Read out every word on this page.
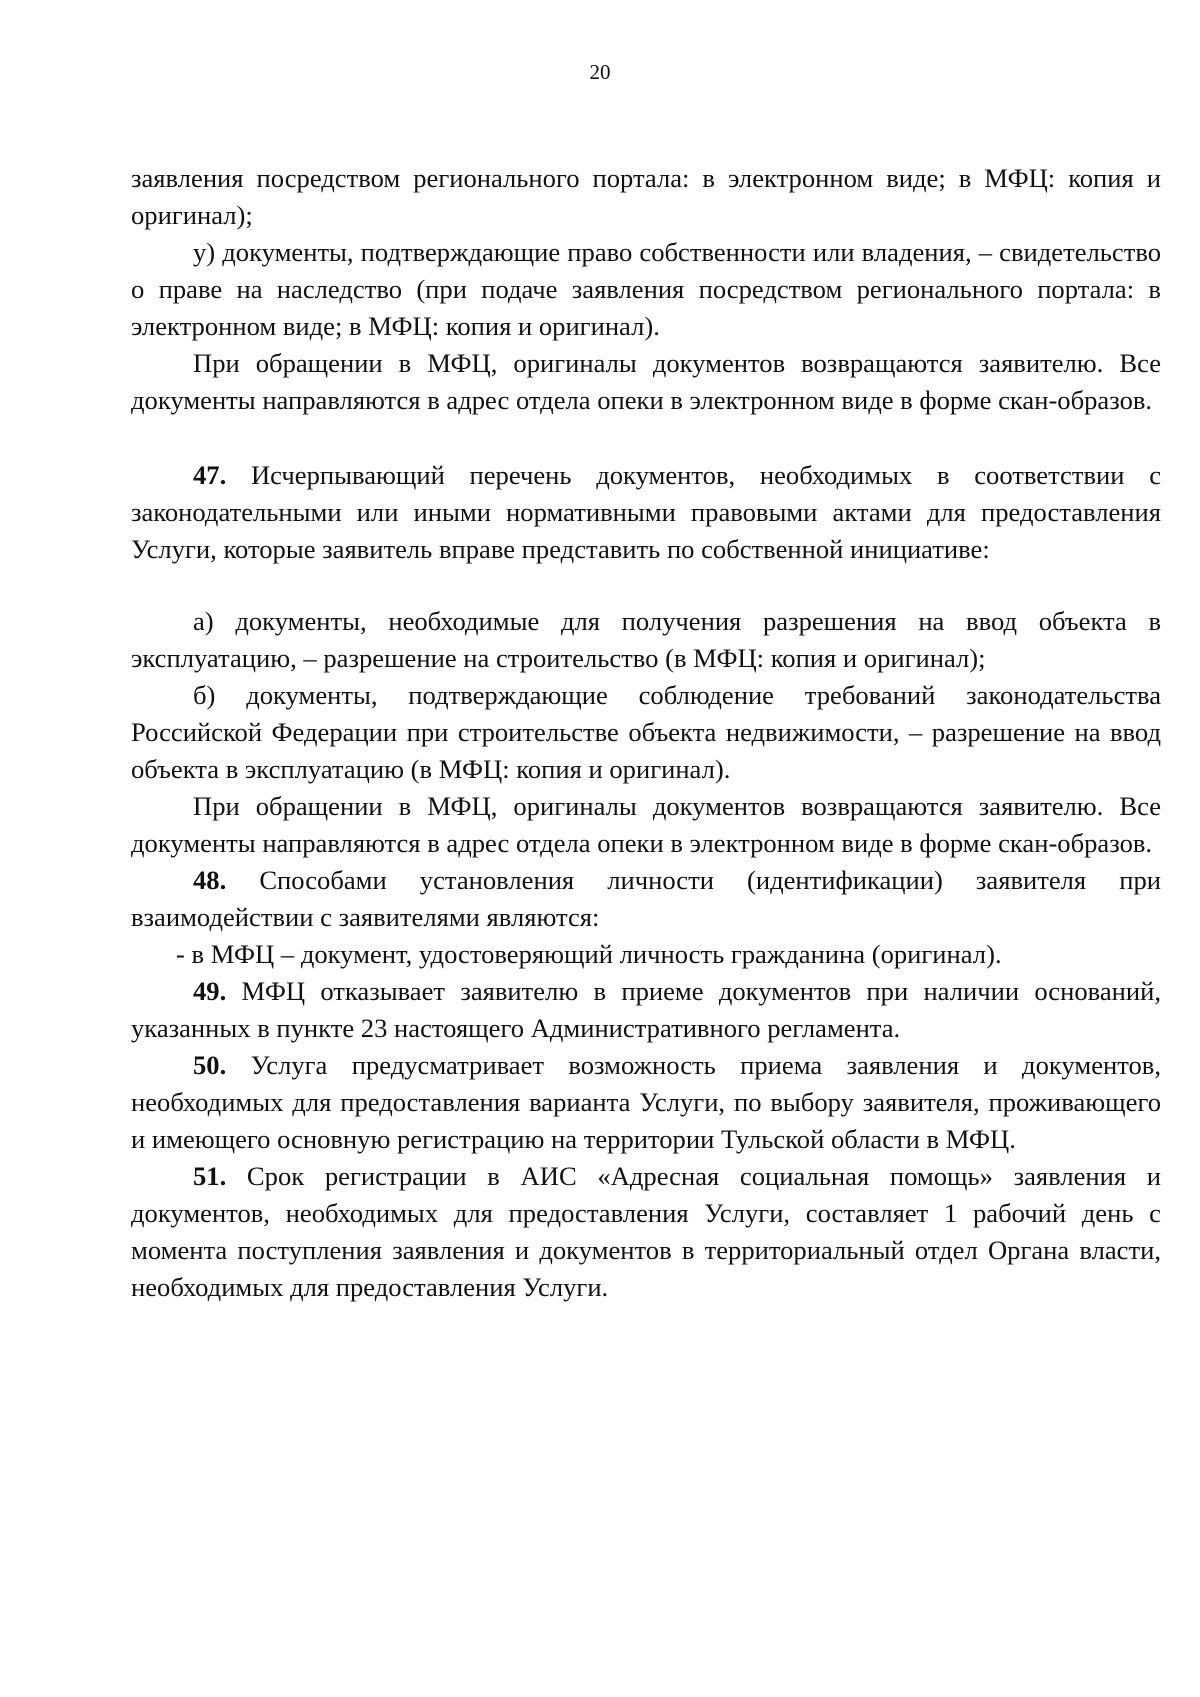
20

заявления посредством регионального портала: в электронном виде; в МФЦ: копия и оригинал);

у) документы, подтверждающие право собственности или владения, – свидетельство о праве на наследство (при подаче заявления посредством регионального портала: в электронном виде; в МФЦ: копия и оригинал).

При обращении в МФЦ, оригиналы документов возвращаются заявителю. Все документы направляются в адрес отдела опеки в электронном виде в форме скан-образов.

47. Исчерпывающий перечень документов, необходимых в соответствии с законодательными или иными нормативными правовыми актами для предоставления Услуги, которые заявитель вправе представить по собственной инициативе:

а) документы, необходимые для получения разрешения на ввод объекта в эксплуатацию, – разрешение на строительство (в МФЦ: копия и оригинал);

б) документы, подтверждающие соблюдение требований законодательства Российской Федерации при строительстве объекта недвижимости, – разрешение на ввод объекта в эксплуатацию (в МФЦ: копия и оригинал).

При обращении в МФЦ, оригиналы документов возвращаются заявителю. Все документы направляются в адрес отдела опеки в электронном виде в форме скан-образов.

48. Способами установления личности (идентификации) заявителя при взаимодействии с заявителями являются:

- в МФЦ – документ, удостоверяющий личность гражданина (оригинал).

49. МФЦ отказывает заявителю в приеме документов при наличии оснований, указанных в пункте 23 настоящего Административного регламента.

50. Услуга предусматривает возможность приема заявления и документов, необходимых для предоставления варианта Услуги, по выбору заявителя, проживающего и имеющего основную регистрацию на территории Тульской области в МФЦ.

51. Срок регистрации в АИС «Адресная социальная помощь» заявления и документов, необходимых для предоставления Услуги, составляет 1 рабочий день с момента поступления заявления и документов в территориальный отдел Органа власти, необходимых для предоставления Услуги.
